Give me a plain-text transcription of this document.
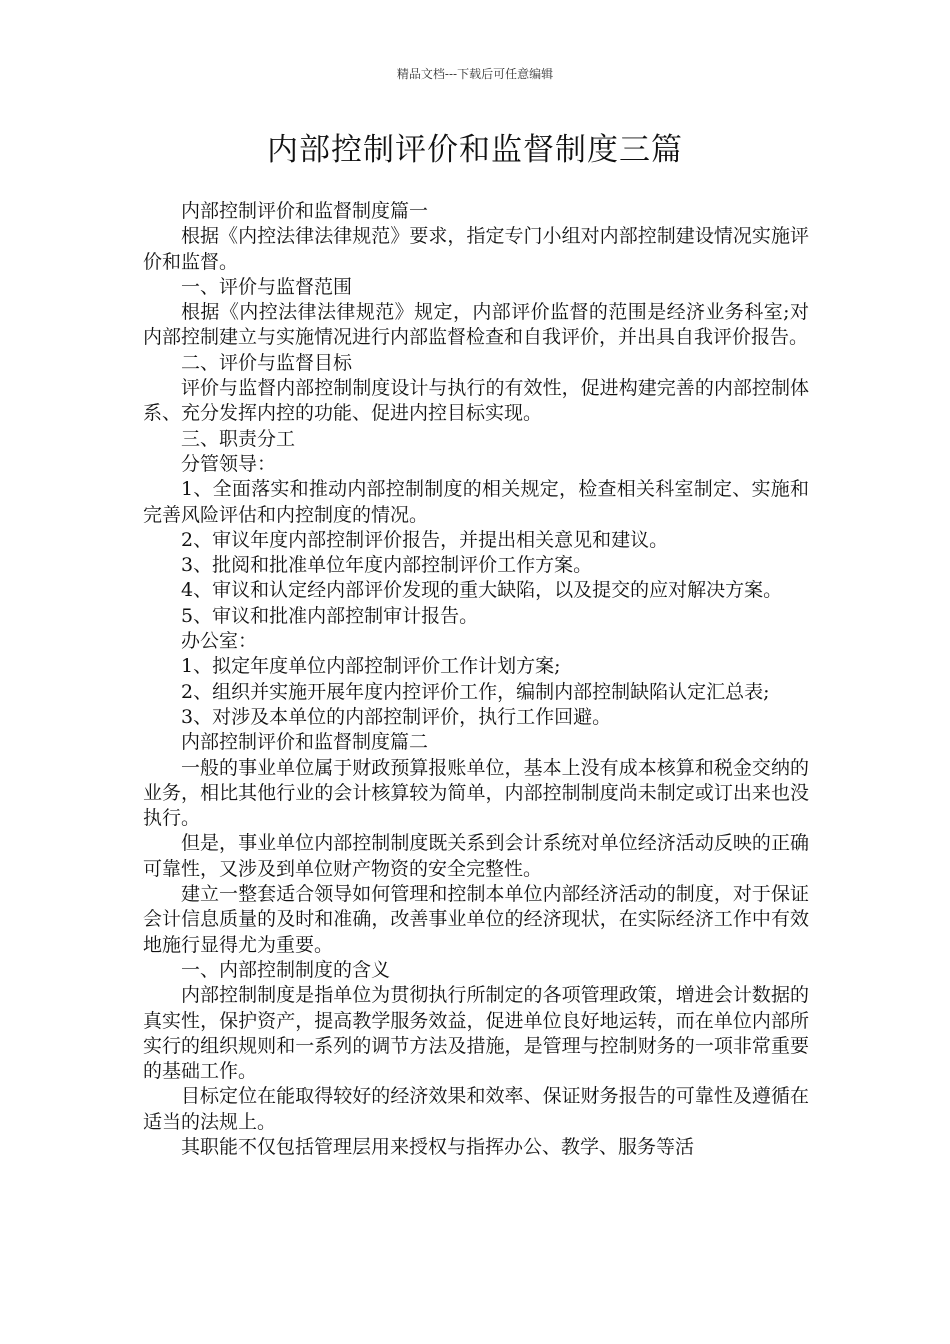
精品文档---下载后可任意编辑
内部控制评价和监督制度三篇

内部控制评价和监督制度篇一

根据《内控法律法律规范》要求，指定专门小组对内部控制建设情况实施评价和监督。

一、评价与监督范围

根据《内控法律法律规范》规定，内部评价监督的范围是经济业务科室;对内部控制建立与实施情况进行内部监督检查和自我评价，并出具自我评价报告。

二、评价与监督目标

评价与监督内部控制制度设计与执行的有效性，促进构建完善的内部控制体系、充分发挥内控的功能、促进内控目标实现。

三、职责分工

分管领导：

1、全面落实和推动内部控制制度的相关规定，检查相关科室制定、实施和完善风险评估和内控制度的情况。

2、审议年度内部控制评价报告，并提出相关意见和建议。

3、批阅和批准单位年度内部控制评价工作方案。

4、审议和认定经内部评价发现的重大缺陷，以及提交的应对解决方案。

5、审议和批准内部控制审计报告。

办公室：

1、拟定年度单位内部控制评价工作计划方案;

2、组织并实施开展年度内控评价工作，编制内部控制缺陷认定汇总表;

3、对涉及本单位的内部控制评价，执行工作回避。

内部控制评价和监督制度篇二

一般的事业单位属于财政预算报账单位，基本上没有成本核算和税金交纳的业务，相比其他行业的会计核算较为简单，内部控制制度尚未制定或订出来也没执行。

但是，事业单位内部控制制度既关系到会计系统对单位经济活动反映的正确可靠性，又涉及到单位财产物资的安全完整性。

建立一整套适合领导如何管理和控制本单位内部经济活动的制度，对于保证会计信息质量的及时和准确，改善事业单位的经济现状，在实际经济工作中有效地施行显得尤为重要。

一、内部控制制度的含义

内部控制制度是指单位为贯彻执行所制定的各项管理政策，增进会计数据的真实性，保护资产，提高教学服务效益，促进单位良好地运转，而在单位内部所实行的组织规则和一系列的调节方法及措施，是管理与控制财务的一项非常重要的基础工作。

目标定位在能取得较好的经济效果和效率、保证财务报告的可靠性及遵循在适当的法规上。

其职能不仅包括管理层用来授权与指挥办公、教学、服务等活
